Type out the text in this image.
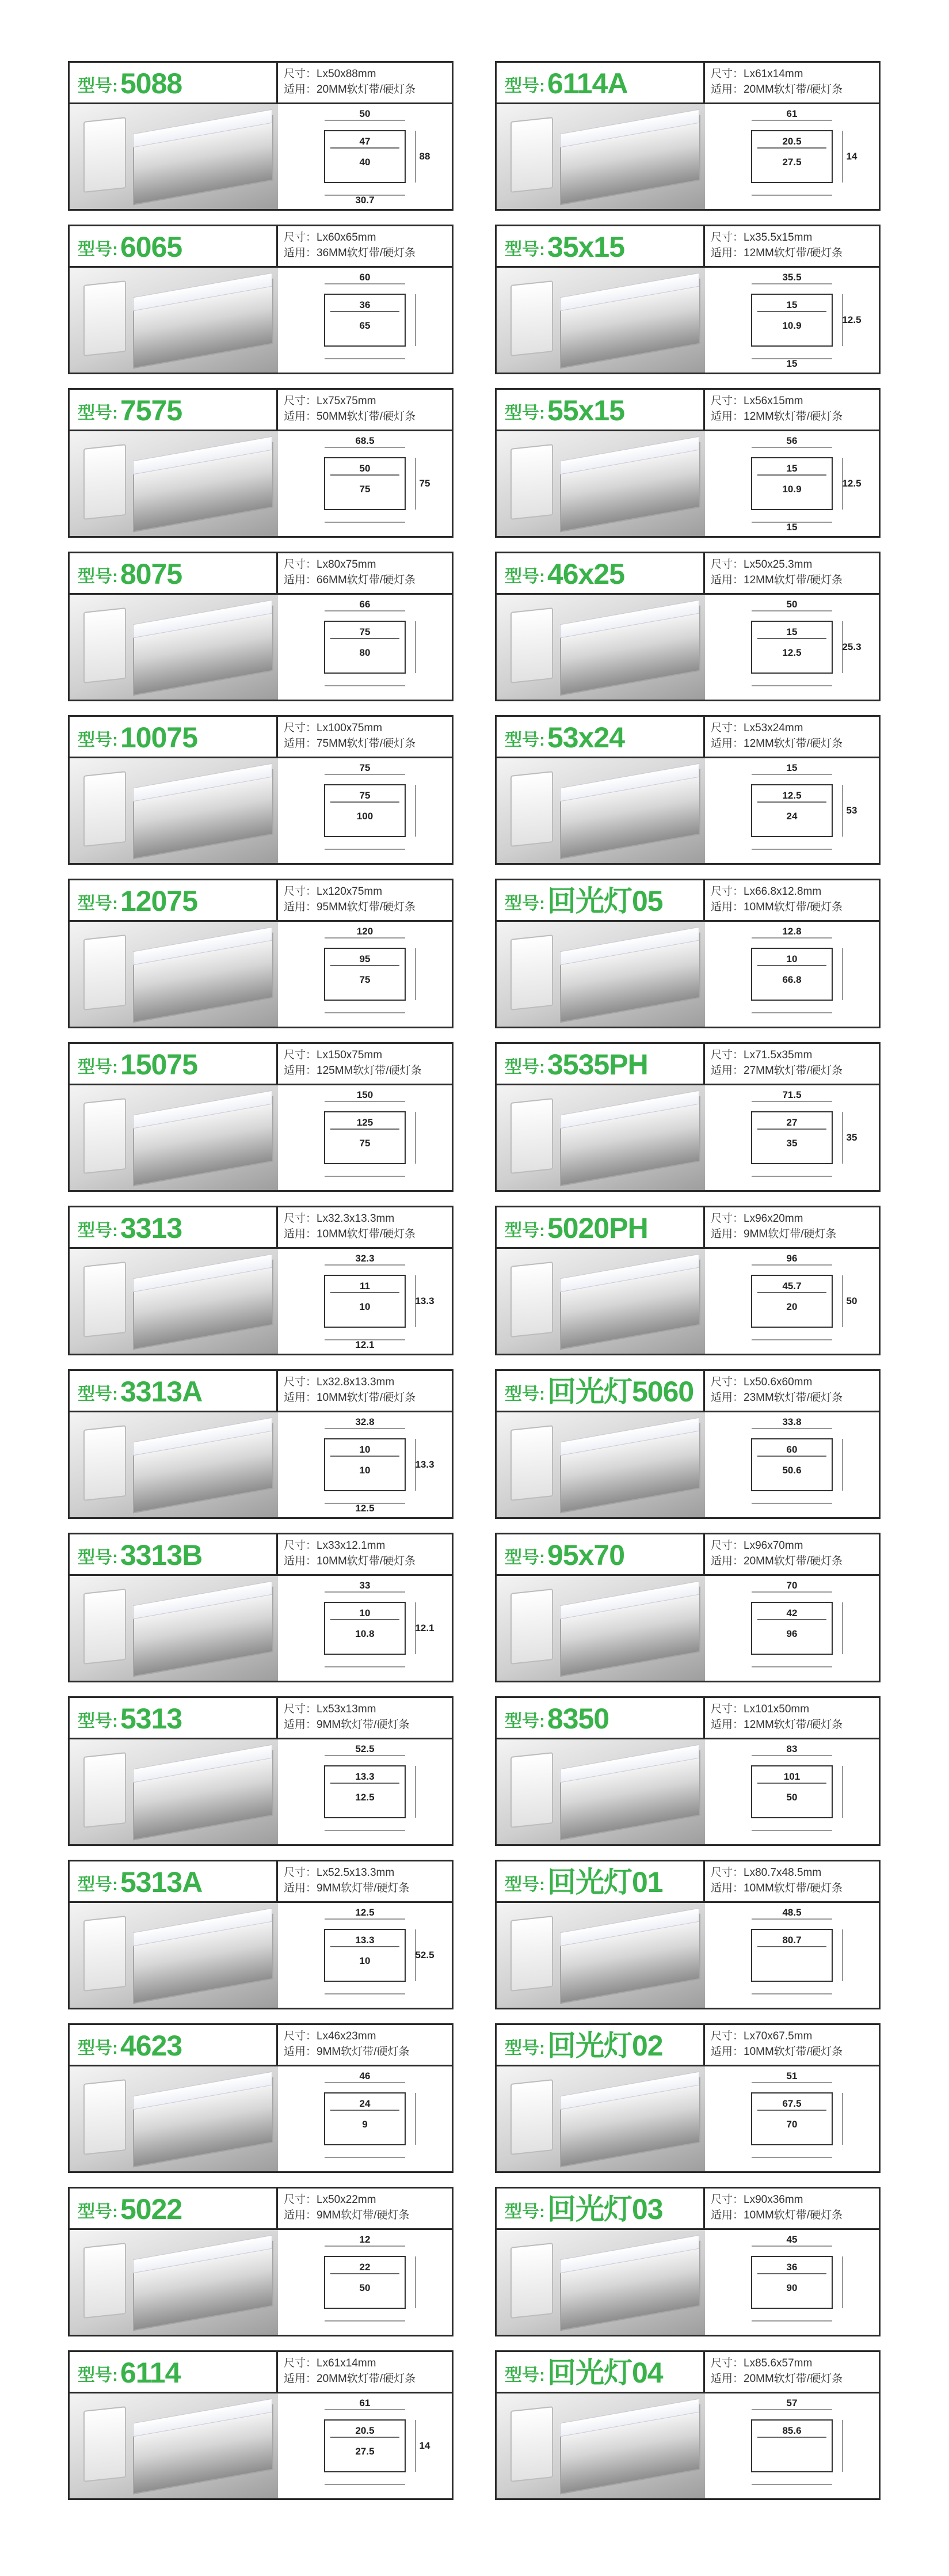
型号: 5088	尺寸：Lx50x88mm
适用：20MM软灯带/硬灯条
50
47
40
88
30.7
型号: 6114A	尺寸：Lx61x14mm
适用：20MM软灯带/硬灯条
61
20.5
27.5
14
型号: 6065	尺寸：Lx60x65mm
适用：36MM软灯带/硬灯条
60
36
65
型号: 35x15	尺寸：Lx35.5x15mm
适用：12MM软灯带/硬灯条
35.5
15
10.9
12.5
15
型号: 7575	尺寸：Lx75x75mm
适用：50MM软灯带/硬灯条
68.5
50
75
75
型号: 55x15	尺寸：Lx56x15mm
适用：12MM软灯带/硬灯条
56
15
10.9
12.5
15
型号: 8075	尺寸：Lx80x75mm
适用：66MM软灯带/硬灯条
66
75
80
型号: 46x25	尺寸：Lx50x25.3mm
适用：12MM软灯带/硬灯条
50
15
12.5
25.3
型号: 10075	尺寸：Lx100x75mm
适用：75MM软灯带/硬灯条
75
75
100
型号: 53x24	尺寸：Lx53x24mm
适用：12MM软灯带/硬灯条
15
12.5
24
53
型号: 12075	尺寸：Lx120x75mm
适用：95MM软灯带/硬灯条
120
95
75
型号: 回光灯05	尺寸：Lx66.8x12.8mm
适用：10MM软灯带/硬灯条
12.8
10
66.8
型号: 15075	尺寸：Lx150x75mm
适用：125MM软灯带/硬灯条
150
125
75
型号: 3535PH	尺寸：Lx71.5x35mm
适用：27MM软灯带/硬灯条
71.5
27
35
35
型号: 3313	尺寸：Lx32.3x13.3mm
适用：10MM软灯带/硬灯条
32.3
11
10
13.3
12.1
型号: 5020PH	尺寸：Lx96x20mm
适用：9MM软灯带/硬灯条
96
45.7
20
50
型号: 3313A	尺寸：Lx32.8x13.3mm
适用：10MM软灯带/硬灯条
32.8
10
10
13.3
12.5
型号: 回光灯5060 尺寸：Lx50.6x60mm
适用：23MM软灯带/硬灯条
33.8
60
50.6
型号: 3313B	尺寸：Lx33x12.1mm
适用：10MM软灯带/硬灯条
33
10
10.8
12.1
型号: 95x70	尺寸：Lx96x70mm
适用：20MM软灯带/硬灯条
70
42
96
型号: 5313	尺寸：Lx53x13mm
适用：9MM软灯带/硬灯条
52.5
13.3
12.5
型号: 8350	尺寸：Lx101x50mm
适用：12MM软灯带/硬灯条
83
101
50
型号: 5313A	尺寸：Lx52.5x13.3mm
适用：9MM软灯带/硬灯条
12.5
13.3
10
52.5
型号: 回光灯01	尺寸：Lx80.7x48.5mm
适用：10MM软灯带/硬灯条
48.5
80.7
型号: 4623	尺寸：Lx46x23mm
适用：9MM软灯带/硬灯条
46
24
9
型号: 回光灯02	尺寸：Lx70x67.5mm
适用：10MM软灯带/硬灯条
51
67.5
70
型号: 5022	尺寸：Lx50x22mm
适用：9MM软灯带/硬灯条
12
22
50
型号: 回光灯03	尺寸：Lx90x36mm
适用：10MM软灯带/硬灯条
45
36
90
型号: 6114	尺寸：Lx61x14mm
适用：20MM软灯带/硬灯条
61
20.5
27.5
14
型号: 回光灯04	尺寸：Lx85.6x57mm
适用：20MM软灯带/硬灯条
57
85.6
